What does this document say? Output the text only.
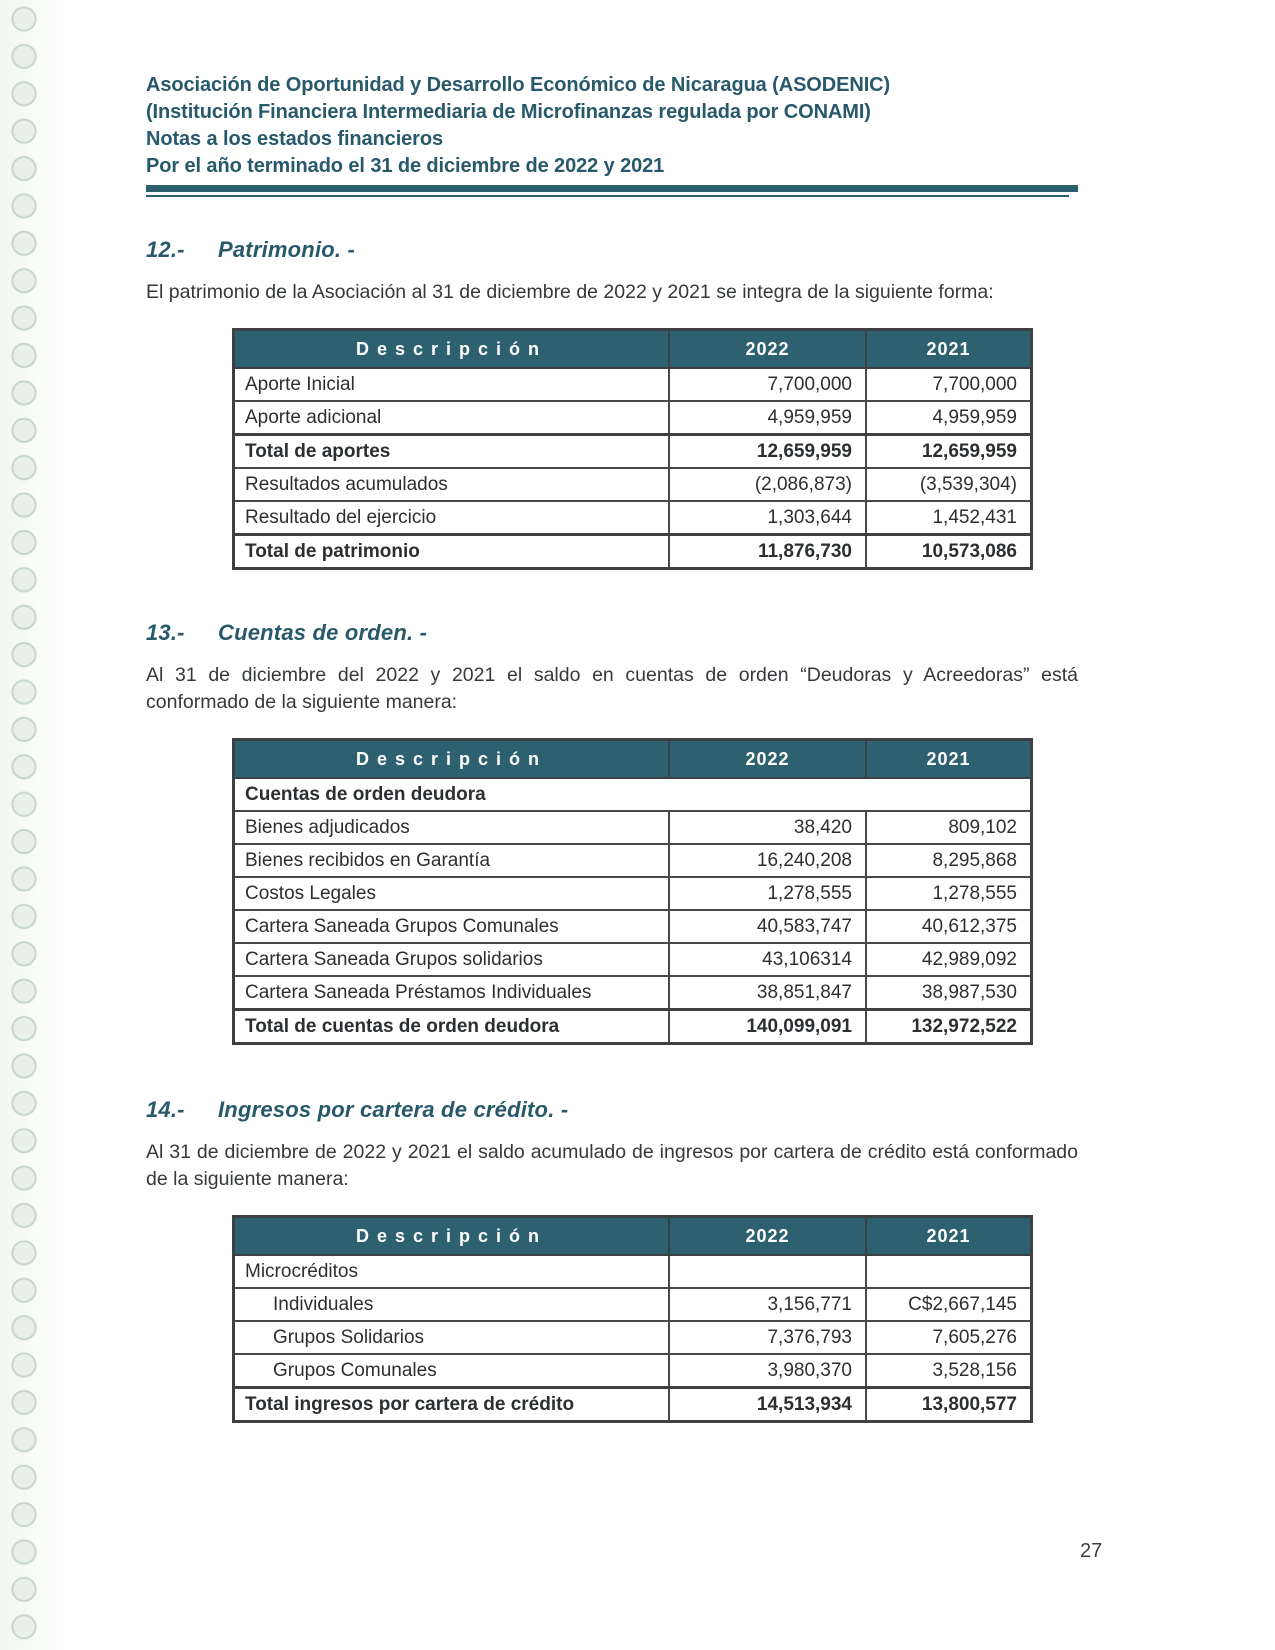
Asociación de Oportunidad y Desarrollo Económico de Nicaragua (ASODENIC)
(Institución Financiera Intermediaria de Microfinanzas regulada por CONAMI)
Notas a los estados financieros
Por el año terminado el 31 de diciembre de 2022 y 2021
12.-	Patrimonio. -

El patrimonio de la Asociación al 31 de diciembre de 2022 y 2021 se integra de la siguiente forma:

Descripción	2022	2021
Aporte Inicial	7,700,000	7,700,000
Aporte adicional	4,959,959	4,959,959
Total de aportes	12,659,959	12,659,959
Resultados acumulados	(2,086,873)	(3,539,304)
Resultado del ejercicio	1,303,644	1,452,431
Total de patrimonio	11,876,730	10,573,086
13.-	Cuentas de orden. -

Al 31 de diciembre del 2022 y 2021 el saldo en cuentas de orden “Deudoras y Acreedoras” está conformado de la siguiente manera:

Descripción	2022	2021
Cuentas de orden deudora		
Bienes adjudicados	38,420	809,102
Bienes recibidos en Garantía	16,240,208	8,295,868
Costos Legales	1,278,555	1,278,555
Cartera Saneada Grupos Comunales	40,583,747	40,612,375
Cartera Saneada Grupos solidarios	43,106314	42,989,092
Cartera Saneada Préstamos Individuales	38,851,847	38,987,530
Total de cuentas de orden deudora	140,099,091	132,972,522
14.-	Ingresos por cartera de crédito. -

Al 31 de diciembre de 2022 y 2021 el saldo acumulado de ingresos por cartera de crédito está conformado de la siguiente manera:

Descripción	2022	2021
Microcréditos		
Individuales	3,156,771	C$2,667,145
Grupos Solidarios	7,376,793	7,605,276
Grupos Comunales	3,980,370	3,528,156
Total ingresos por cartera de crédito	14,513,934	13,800,577
27
